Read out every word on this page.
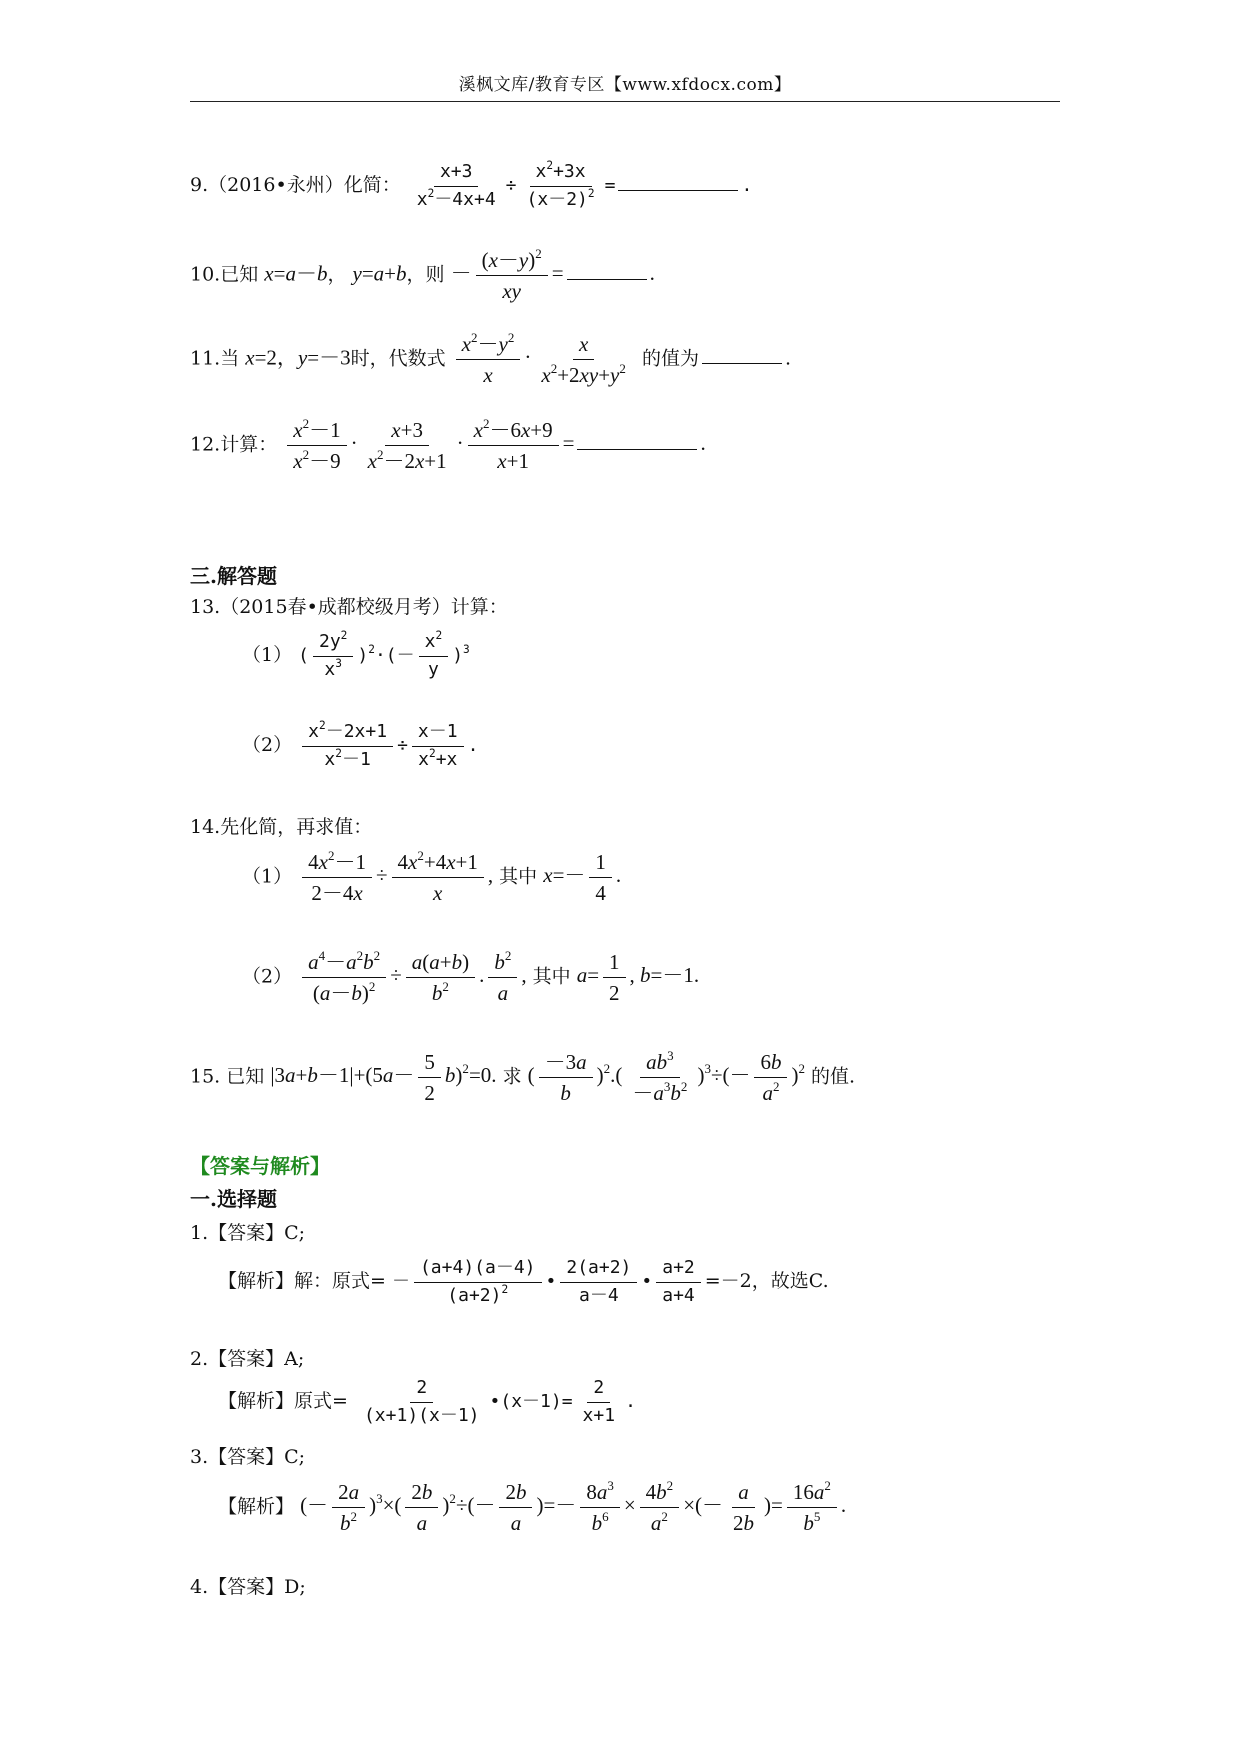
溪枫文库/教育专区【www.xfdocx.com】
9.（2016•永州）化简： $\frac{x+3}{x^2-4x+4} \div \frac{x^2+3x}{(x-2)^2}$ =	.
10.已知 x=a－b， y=a+b，则 － $\frac{(x-y)^2}{xy}$ =	.
11.当 x=2，y=－3时，代数式 $\frac{x^2-y^2}{x} \cdot \frac{x}{x^2+2xy+y^2}$ 的值为	.
12.计算： $\frac{x^2-1}{x^2-9} \cdot \frac{x+3}{x^2-2x+1} \cdot \frac{x^2-6x+9}{x+1}$ =	.
三.解答题
13.（2015春•成都校级月考）计算：
（1） ( $\frac{2y^2}{x^3} )^2\cdot(- \frac{x^2}{y} )^3$
$(2) \frac{x^2-2x+1}{x^2-1} \div \frac{x-1}{x^2+x}$ .
14.先化简，再求值：
$(1) \frac{4x^2-1}{2-4x} \div \frac{4x^2+4x+1}{x}$ , 其中 $x=- \frac{1}{4}$ .
$(2) \frac{a^4-a^2b^2}{(a-b)^2} \div \frac{a(a+b)}{b^2}$ . $\frac{b^2}{a}$ , 其中 $a= \frac{1}{2}$ , b=－1.
15. 已知 $|3a+b-1|+(5a- \frac{5}{2} b)^2=0$. 求 ( $\frac{-3a}{b} )^2.( \frac{ab^3}{-a^3b^2} )^3\div(- \frac{6b}{a^2} )^2$ 的值.
【答案与解析】
一.选择题
1.【答案】C;
【解析】解：原式= － $\frac{(a+4)(a-4)}{(a+2)^2}$ • $\frac{2(a+2)}{a-4}$ • $\frac{a+2}{a+4} =-2$，故选C.
2.【答案】A;
【解析】原式= $\frac{2}{(x+1)(x-1)}$ •(x－1)= $\frac{2}{x+1}$ .
3.【答案】C;
【解析】 (－ $\frac{2a}{b^2} )^3\times( \frac{2b}{a} )^2\div(- \frac{2b}{a}$ )=－ $\frac{8a^3}{b^6} \times \frac{4b^2}{a^2}$ ×(－ $\frac{a}{2b}$ )= $\frac{16a^2}{b^5}$ .
4.【答案】D;
